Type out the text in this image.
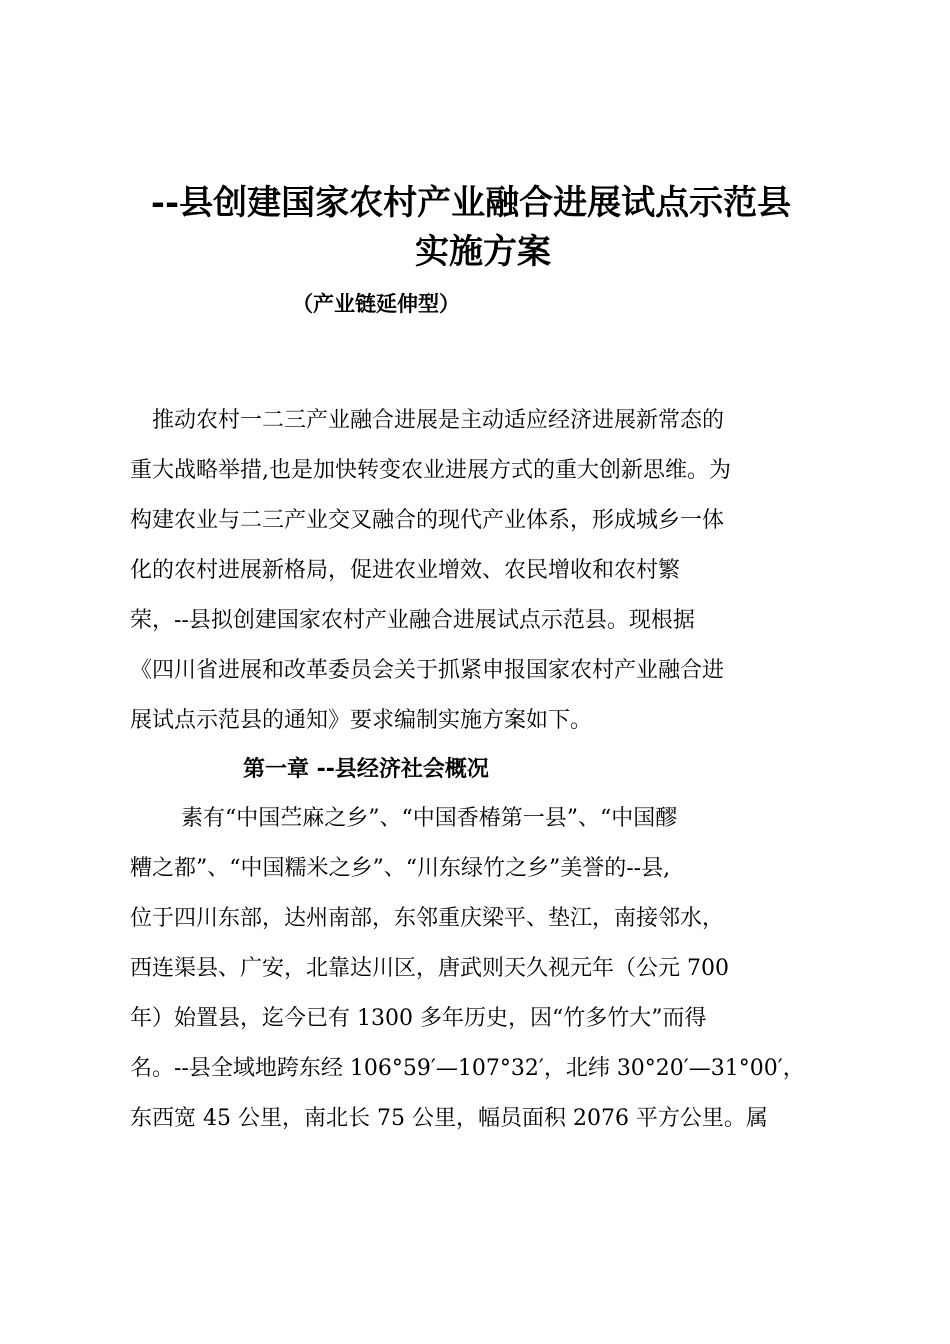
--县创建国家农村产业融合进展试点示范县
实施方案
（产业链延伸型）
推动农村一二三产业融合进展是主动适应经济进展新常态的
重大战略举措,也是加快转变农业进展方式的重大创新思维。为
构建农业与二三产业交叉融合的现代产业体系，形成城乡一体
化的农村进展新格局，促进农业增效、农民增收和农村繁
荣，--县拟创建国家农村产业融合进展试点示范县。现根据
《四川省进展和改革委员会关于抓紧申报国家农村产业融合进
展试点示范县的通知》要求编制实施方案如下。
第一章 --县经济社会概况
素有“中国苎麻之乡”、“中国香椿第一县”、“中国醪
糟之都”、“中国糯米之乡”、“川东绿竹之乡”美誉的--县,
位于四川东部，达州南部，东邻重庆梁平、垫江，南接邻水，
西连渠县、广安，北靠达川区，唐武则天久视元年（公元 700
年）始置县，迄今已有 1300 多年历史，因“竹多竹大”而得
名。--县全域地跨东经 106°59′—107°32′，北纬 30°20′—31°00′，
东西宽 45 公里，南北长 75 公里，幅员面积 2076 平方公里。属
